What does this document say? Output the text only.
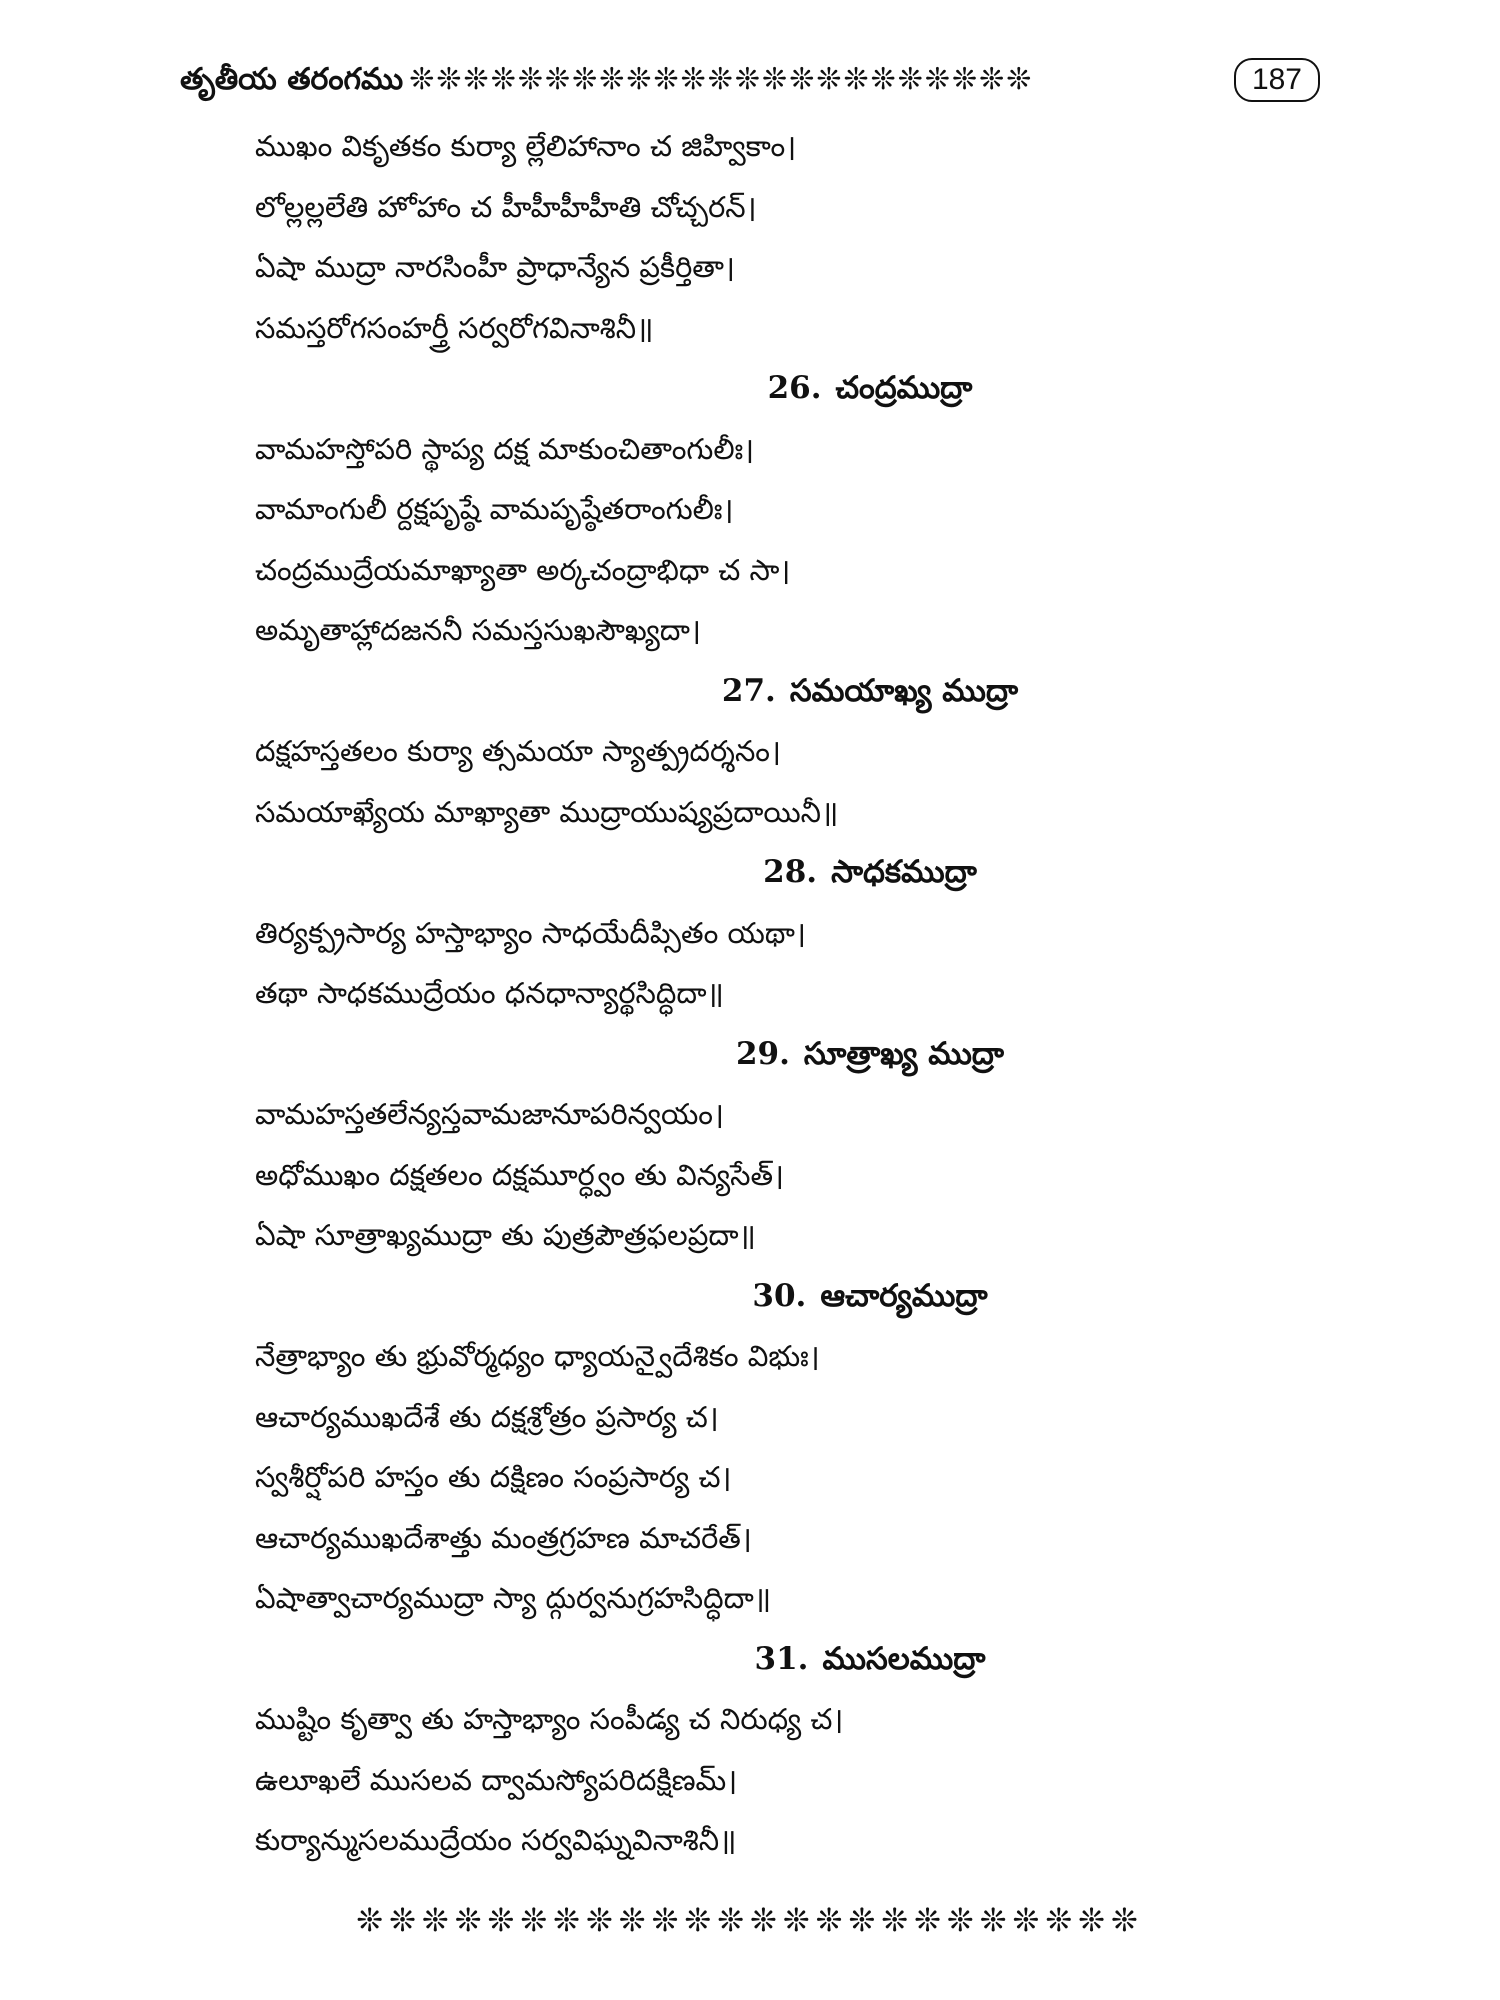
తృతీయ తరంగము ❊❊❊❊❊❊❊❊❊❊❊❊❊❊❊❊❊❊❊❊❊❊❊	187
ముఖం వికృతకం కుర్యా ల్లేలిహానాం చ జిహ్వికాం।
లోల్లల్లలేతి హోహాం చ హీహీహీహీతి చోచ్చరన్।
ఏషా ముద్రా నారసింహీ ప్రాధాన్యేన ప్రకీర్తితా।
సమస్తరోగసంహర్త్రీ సర్వరోగవినాశినీ॥
26. చంద్రముద్రా
వామహస్తోపరి స్థాప్య దక్ష మాకుంచితాంగులీః।
వామాంగులీ ర్దక్షపృష్ఠే వామపృష్ఠేతరాంగులీః।
చంద్రముద్రేయమాఖ్యాతా అర్కచంద్రాభిధా చ సా।
అమృతాహ్లాదజననీ సమస్తసుఖసౌఖ్యదా।
27. సమయాఖ్య ముద్రా
దక్షహస్తతలం కుర్యా త్సమయా స్యాత్ప్రదర్శనం।
సమయాఖ్యేయ మాఖ్యాతా ముద్రాయుష్యప్రదాయినీ॥
28. సాధకముద్రా
తిర్యక్ప్రసార్య హస్తాభ్యాం సాధయేదీప్సితం యథా।
తథా సాధకముద్రేయం ధనధాన్యార్థసిద్ధిదా॥
29. సూత్రాఖ్య ముద్రా
వామహస్తతలేన్యస్తవామజానూపరిన్వయం।
అధోముఖం దక్షతలం దక్షమూర్ధ్వం తు విన్యసేత్।
ఏషా సూత్రాఖ్యముద్రా తు పుత్రపౌత్రఫలప్రదా॥
30. ఆచార్యముద్రా
నేత్రాభ్యాం తు భ్రువోర్మధ్యం ధ్యాయన్వైదేశికం విభుః।
ఆచార్యముఖదేశే తు దక్షశ్రోత్రం ప్రసార్య చ।
స్వశీర్షోపరి హస్తం తు దక్షిణం సంప్రసార్య చ।
ఆచార్యముఖదేశాత్తు మంత్రగ్రహణ మాచరేత్।
ఏషాత్వాచార్యముద్రా స్యా ద్గుర్వనుగ్రహసిద్ధిదా॥
31. ముసలముద్రా
ముష్టిం కృత్వా తు హస్తాభ్యాం సంపీడ్య చ నిరుధ్య చ।
ఉలూఖలే ముసలవ ద్వామస్యోపరిదక్షిణమ్।
కుర్యాన్ముసలముద్రేయం సర్వవిఘ్నవినాశినీ॥
❊❊❊❊❊❊❊❊❊❊❊❊❊❊❊❊❊❊❊❊❊❊❊❊
